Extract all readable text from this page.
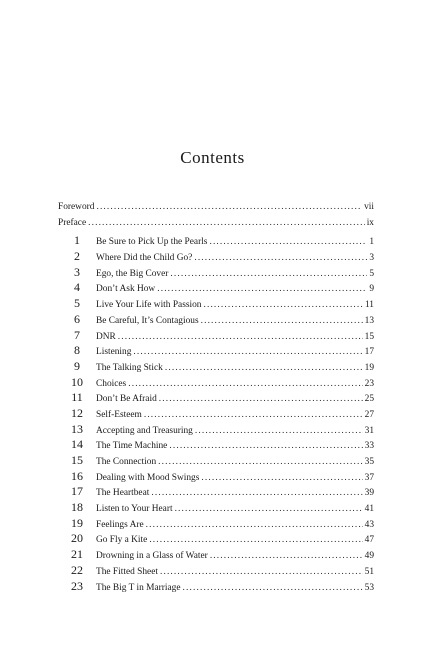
Contents
Foreword . . .	vii
Preface . . .	ix
1	Be Sure to Pick Up the Pearls . . .	1
2	Where Did the Child Go? . . .	3
3	Ego, the Big Cover . . .	5
4	Don’t Ask How . . .	9
5	Live Your Life with Passion . . .	11
6	Be Careful, It’s Contagious . . .	13
7	DNR . . .	15
8	Listening . . .	17
9	The Talking Stick . . .	19
10	Choices . . .	23
11	Don’t Be Afraid . . .	25
12	Self-Esteem . . .	27
13	Accepting and Treasuring . . .	31
14	The Time Machine . . .	33
15	The Connection . . .	35
16	Dealing with Mood Swings . . .	37
17	The Heartbeat . . .	39
18	Listen to Your Heart . . .	41
19	Feelings Are . . .	43
20	Go Fly a Kite . . .	47
21	Drowning in a Glass of Water . . .	49
22	The Fitted Sheet . . .	51
23	The Big T in Marriage . . .	53
